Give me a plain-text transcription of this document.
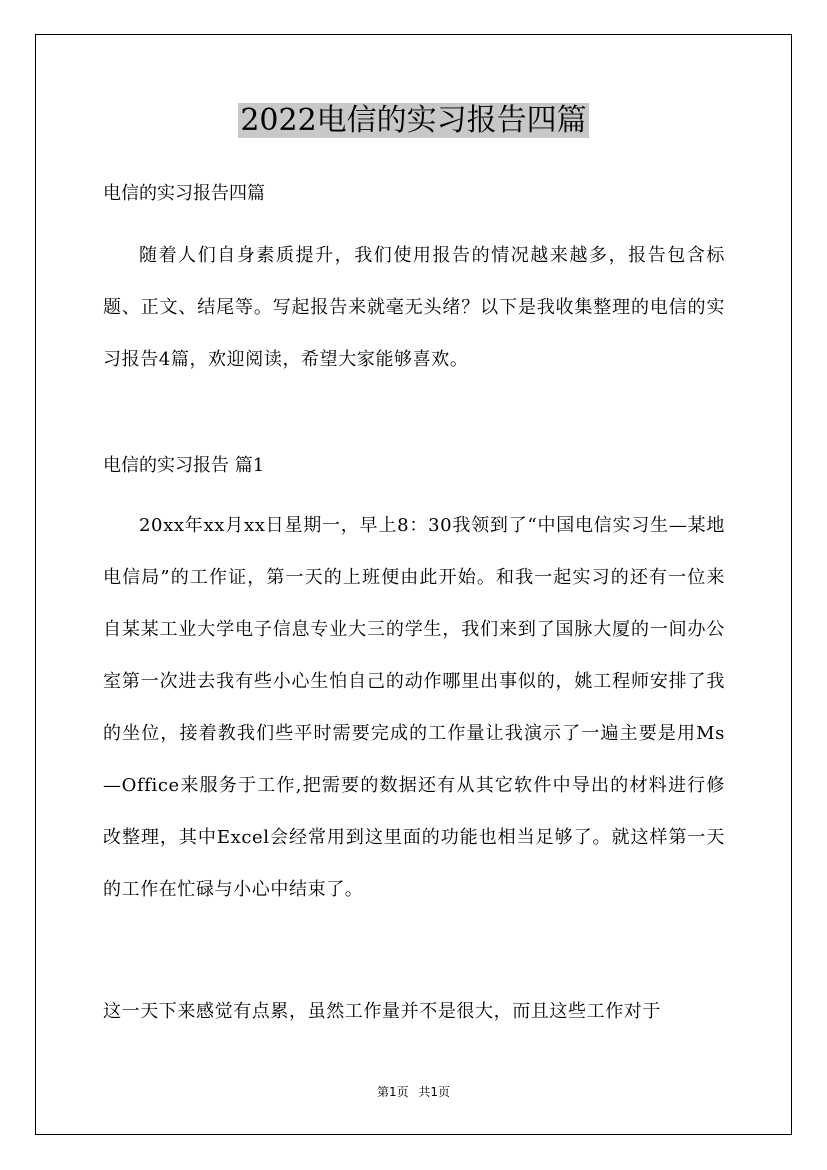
2022电信的实习报告四篇
电信的实习报告四篇
随着人们自身素质提升，我们使用报告的情况越来越多，报告包含标题、正文、结尾等。写起报告来就毫无头绪？以下是我收集整理的电信的实习报告4篇，欢迎阅读，希望大家能够喜欢。
电信的实习报告 篇1
20xx年xx月xx日星期一，早上8：30我领到了“中国电信实习生—某地电信局”的工作证，第一天的上班便由此开始。和我一起实习的还有一位来自某某工业大学电子信息专业大三的学生，我们来到了国脉大厦的一间办公室第一次进去我有些小心生怕自己的动作哪里出事似的，姚工程师安排了我的坐位，接着教我们些平时需要完成的工作量让我演示了一遍主要是用Ms—Office来服务于工作,把需要的数据还有从其它软件中导出的材料进行修改整理，其中Excel会经常用到这里面的功能也相当足够了。就这样第一天的工作在忙碌与小心中结束了。
这一天下来感觉有点累，虽然工作量并不是很大，而且这些工作对于
第1页 共1页
